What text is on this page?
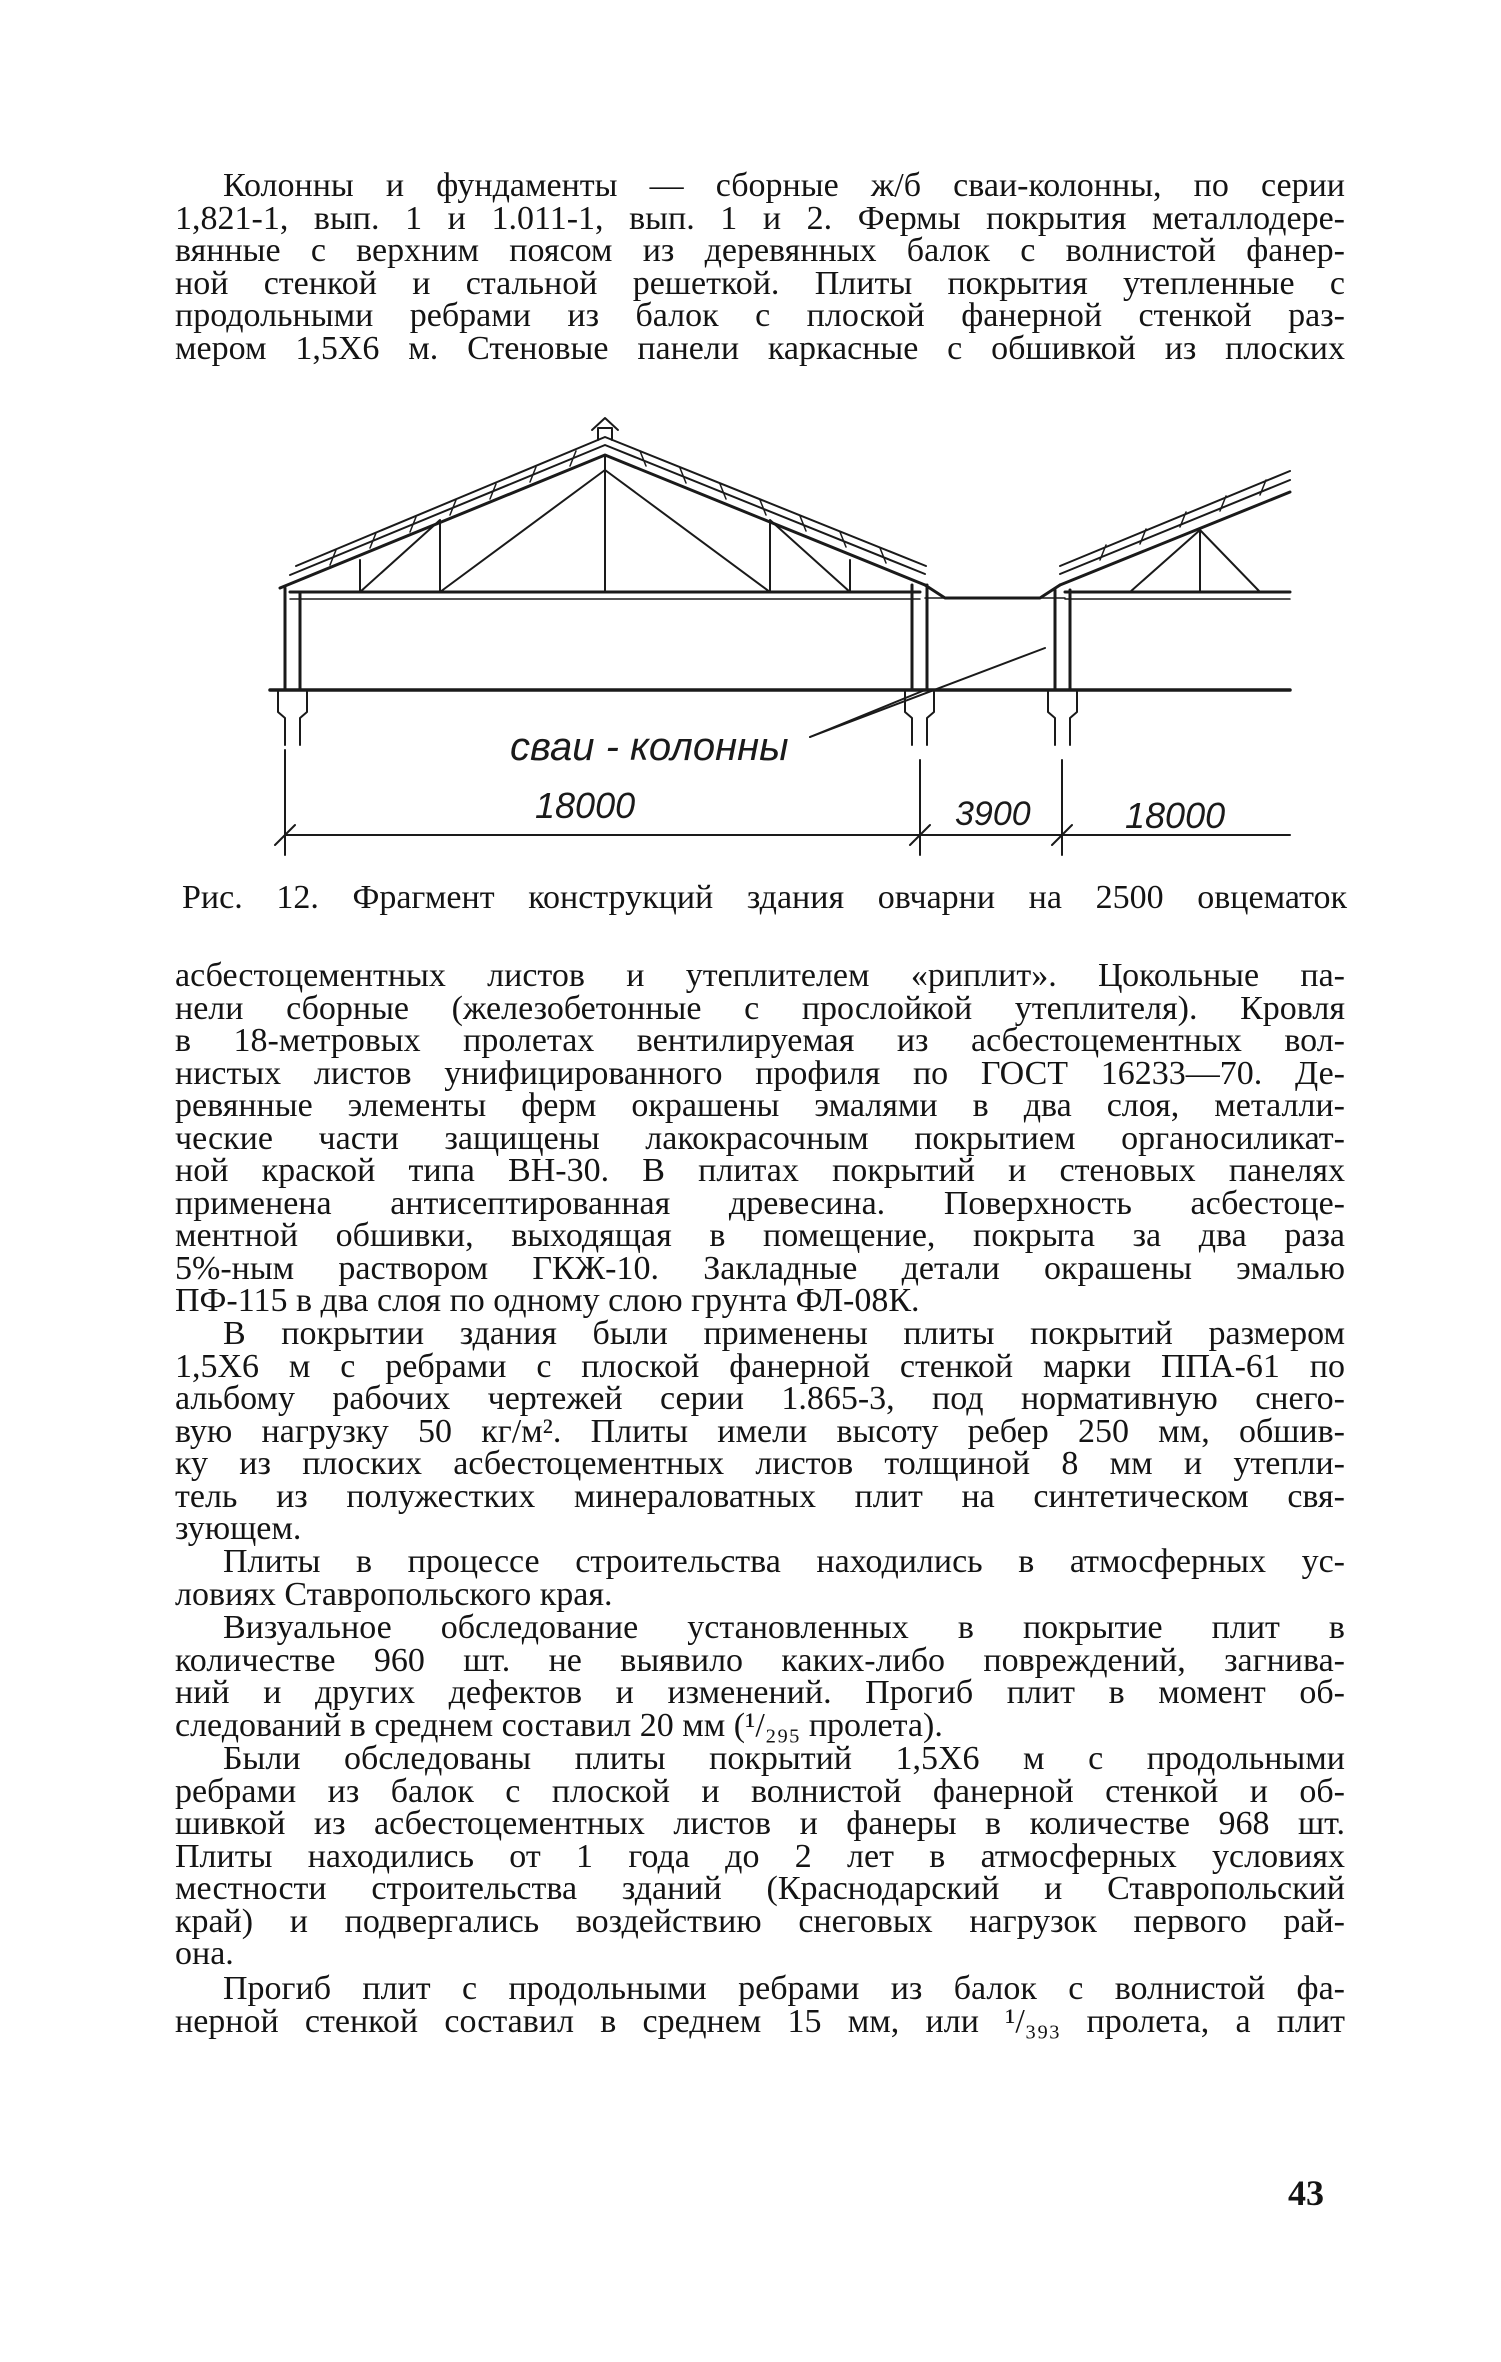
Колонны и фундаменты — сборные ж/б сваи-колонны, по серии
1,821-1, вып. 1 и 1.011-1, вып. 1 и 2. Фермы покрытия металлодере-
вянные с верхним поясом из деревянных балок с волнистой фанер-
ной стенкой и стальной решеткой. Плиты покрытия утепленные с
продольными ребрами из балок с плоской фанерной стенкой раз-
мером 1,5Х6 м. Стеновые панели каркасные с обшивкой из плоских
сваи - колонны
18000	3900	18000
Рис. 12. Фрагмент конструкций здания овчарни на 2500 овцематок
асбестоцементных листов и утеплителем «риплит». Цокольные па-
нели сборные (железобетонные с прослойкой утеплителя). Кровля
в 18-метровых пролетах вентилируемая из асбестоцементных вол-
нистых листов унифицированного профиля по ГОСТ 16233—70. Де-
ревянные элементы ферм окрашены эмалями в два слоя, металли-
ческие части защищены лакокрасочным покрытием органосиликат-
ной краской типа ВН-30. В плитах покрытий и стеновых панелях
применена антисептированная древесина. Поверхность асбестоце-
ментной обшивки, выходящая в помещение, покрыта за два раза
5%-ным раствором ГКЖ-10. Закладные детали окрашены эмалью
ПФ-115 в два слоя по одному слою грунта ФЛ-08К.
В покрытии здания были применены плиты покрытий размером
1,5Х6 м с ребрами с плоской фанерной стенкой марки ППА-61 по
альбому рабочих чертежей серии 1.865-3, под нормативную снего-
вую нагрузку 50 кг/м². Плиты имели высоту ребер 250 мм, обшив-
ку из плоских асбестоцементных листов толщиной 8 мм и утепли-
тель из полужестких минераловатных плит на синтетическом свя-
зующем.
Плиты в процессе строительства находились в атмосферных ус-
ловиях Ставропольского края.
Визуальное обследование установленных в покрытие плит в
количестве 960 шт. не выявило каких-либо повреждений, загнива-
ний и других дефектов и изменений. Прогиб плит в момент об-
следований в среднем составил 20 мм (¹/₂₉₅ пролета).
Были обследованы плиты покрытий 1,5Х6 м с продольными
ребрами из балок с плоской и волнистой фанерной стенкой и об-
шивкой из асбестоцементных листов и фанеры в количестве 968 шт.
Плиты находились от 1 года до 2 лет в атмосферных условиях
местности строительства зданий (Краснодарский и Ставропольский
край) и подвергались воздействию снеговых нагрузок первого рай-
она.
Прогиб плит с продольными ребрами из балок с волнистой фа-
нерной стенкой составил в среднем 15 мм, или ¹/₃₉₃ пролета, а плит
43
